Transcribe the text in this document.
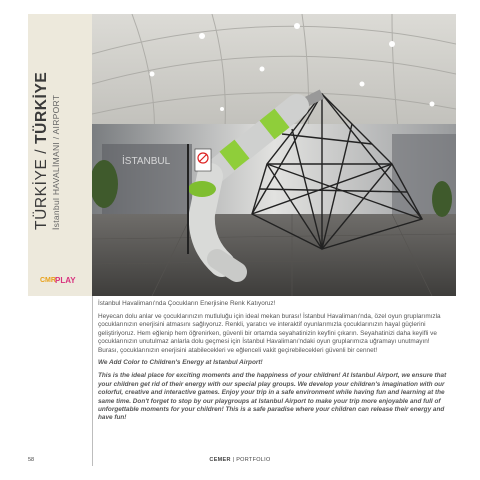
TÜRKİYE / TÜRKİYE İstanbul HAVALİMANI / AIRPORT
CMR PLAY
İSTANBUL

İstanbul Havalimanı'nda Çocukların Enerjisine Renk Katıyoruz!

Heyecan dolu anlar ve çocuklarınızın mutluluğu için ideal mekan burası! İstanbul Havalimanı'nda, özel oyun gruplarımızla çocuklarınızın enerjisini atmasını sağlıyoruz. Renkli, yaratıcı ve interaktif oyunlarımızla çocuklarınızın hayal güçlerini geliştiriyoruz. Hem eğlenip hem öğrenirken, güvenli bir ortamda seyahatinizin keyfini çıkarın. Seyahatinizi daha keyifli ve çocuklarınızın unutulmaz anlarla dolu geçmesi için İstanbul Havalimanı'ndaki oyun gruplarımıza uğramayı unutmayın! Burası, çocuklarınızın enerjisini atabilecekleri ve eğlenceli vakit geçirebilecekleri güvenli bir cennet!

We Add Color to Children's Energy at Istanbul Airport!

This is the ideal place for exciting moments and the happiness of your children! At Istanbul Airport, we ensure that your children get rid of their energy with our special play groups. We develop your children's imagination with our colorful, creative and interactive games. Enjoy your trip in a safe environment while having fun and learning at the same time. Don't forget to stop by our playgroups at Istanbul Airport to make your trip more enjoyable and full of unforgettable moments for your children! This is a safe paradise where your children can release their energy and have fun!

58	CEMER | PORTFOLIO
